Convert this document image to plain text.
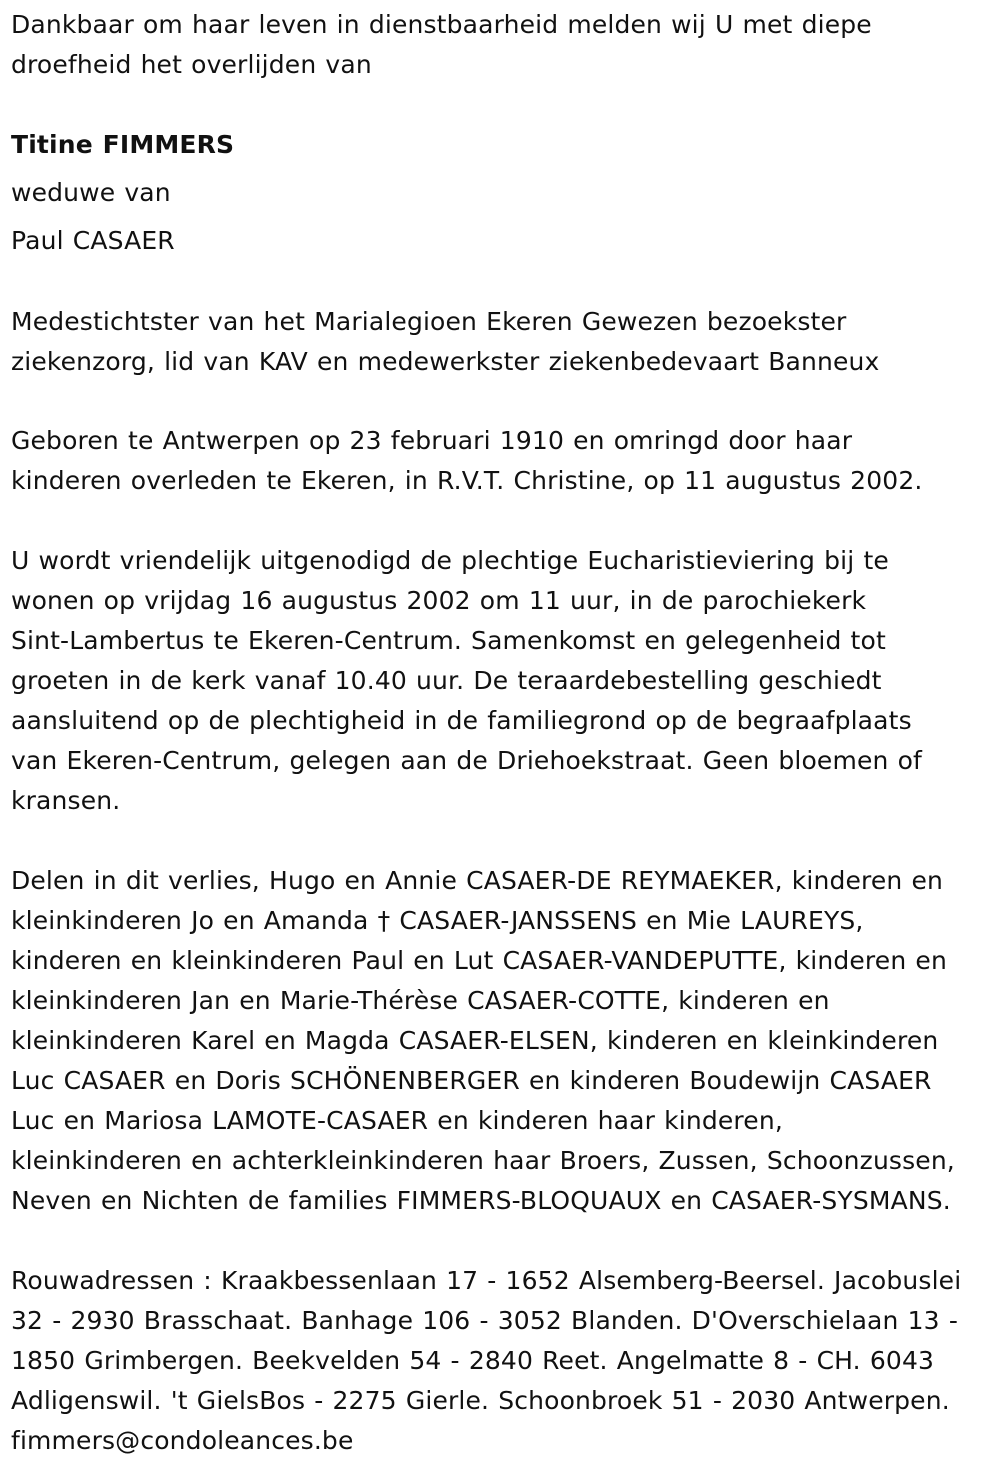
Dankbaar om haar leven in dienstbaarheid melden wij U met diepe
droefheid het overlijden van
Titine FIMMERS
weduwe van
Paul CASAER
Medestichtster van het Marialegioen Ekeren Gewezen bezoekster
ziekenzorg, lid van KAV en medewerkster ziekenbedevaart Banneux
Geboren te Antwerpen op 23 februari 1910 en omringd door haar
kinderen overleden te Ekeren, in R.V.T. Christine, op 11 augustus 2002.
U wordt vriendelijk uitgenodigd de plechtige Eucharistieviering bij te
wonen op vrijdag 16 augustus 2002 om 11 uur, in de parochiekerk
Sint-Lambertus te Ekeren-Centrum. Samenkomst en gelegenheid tot
groeten in de kerk vanaf 10.40 uur. De teraardebestelling geschiedt
aansluitend op de plechtigheid in de familiegrond op de begraafplaats
van Ekeren-Centrum, gelegen aan de Driehoekstraat. Geen bloemen of
kransen.
Delen in dit verlies, Hugo en Annie CASAER-DE REYMAEKER, kinderen en
kleinkinderen Jo en Amanda † CASAER-JANSSENS en Mie LAUREYS,
kinderen en kleinkinderen Paul en Lut CASAER-VANDEPUTTE, kinderen en
kleinkinderen Jan en Marie-Thérèse CASAER-COTTE, kinderen en
kleinkinderen Karel en Magda CASAER-ELSEN, kinderen en kleinkinderen
Luc CASAER en Doris SCHÖNENBERGER en kinderen Boudewijn CASAER
Luc en Mariosa LAMOTE-CASAER en kinderen haar kinderen,
kleinkinderen en achterkleinkinderen haar Broers, Zussen, Schoonzussen,
Neven en Nichten de families FIMMERS-BLOQUAUX en CASAER-SYSMANS.
Rouwadressen : Kraakbessenlaan 17 - 1652 Alsemberg-Beersel. Jacobuslei
32 - 2930 Brasschaat. Banhage 106 - 3052 Blanden. D'Overschielaan 13 -
1850 Grimbergen. Beekvelden 54 - 2840 Reet. Angelmatte 8 - CH. 6043
Adligenswil. 't GielsBos - 2275 Gierle. Schoonbroek 51 - 2030 Antwerpen.
fimmers@condoleances.be
